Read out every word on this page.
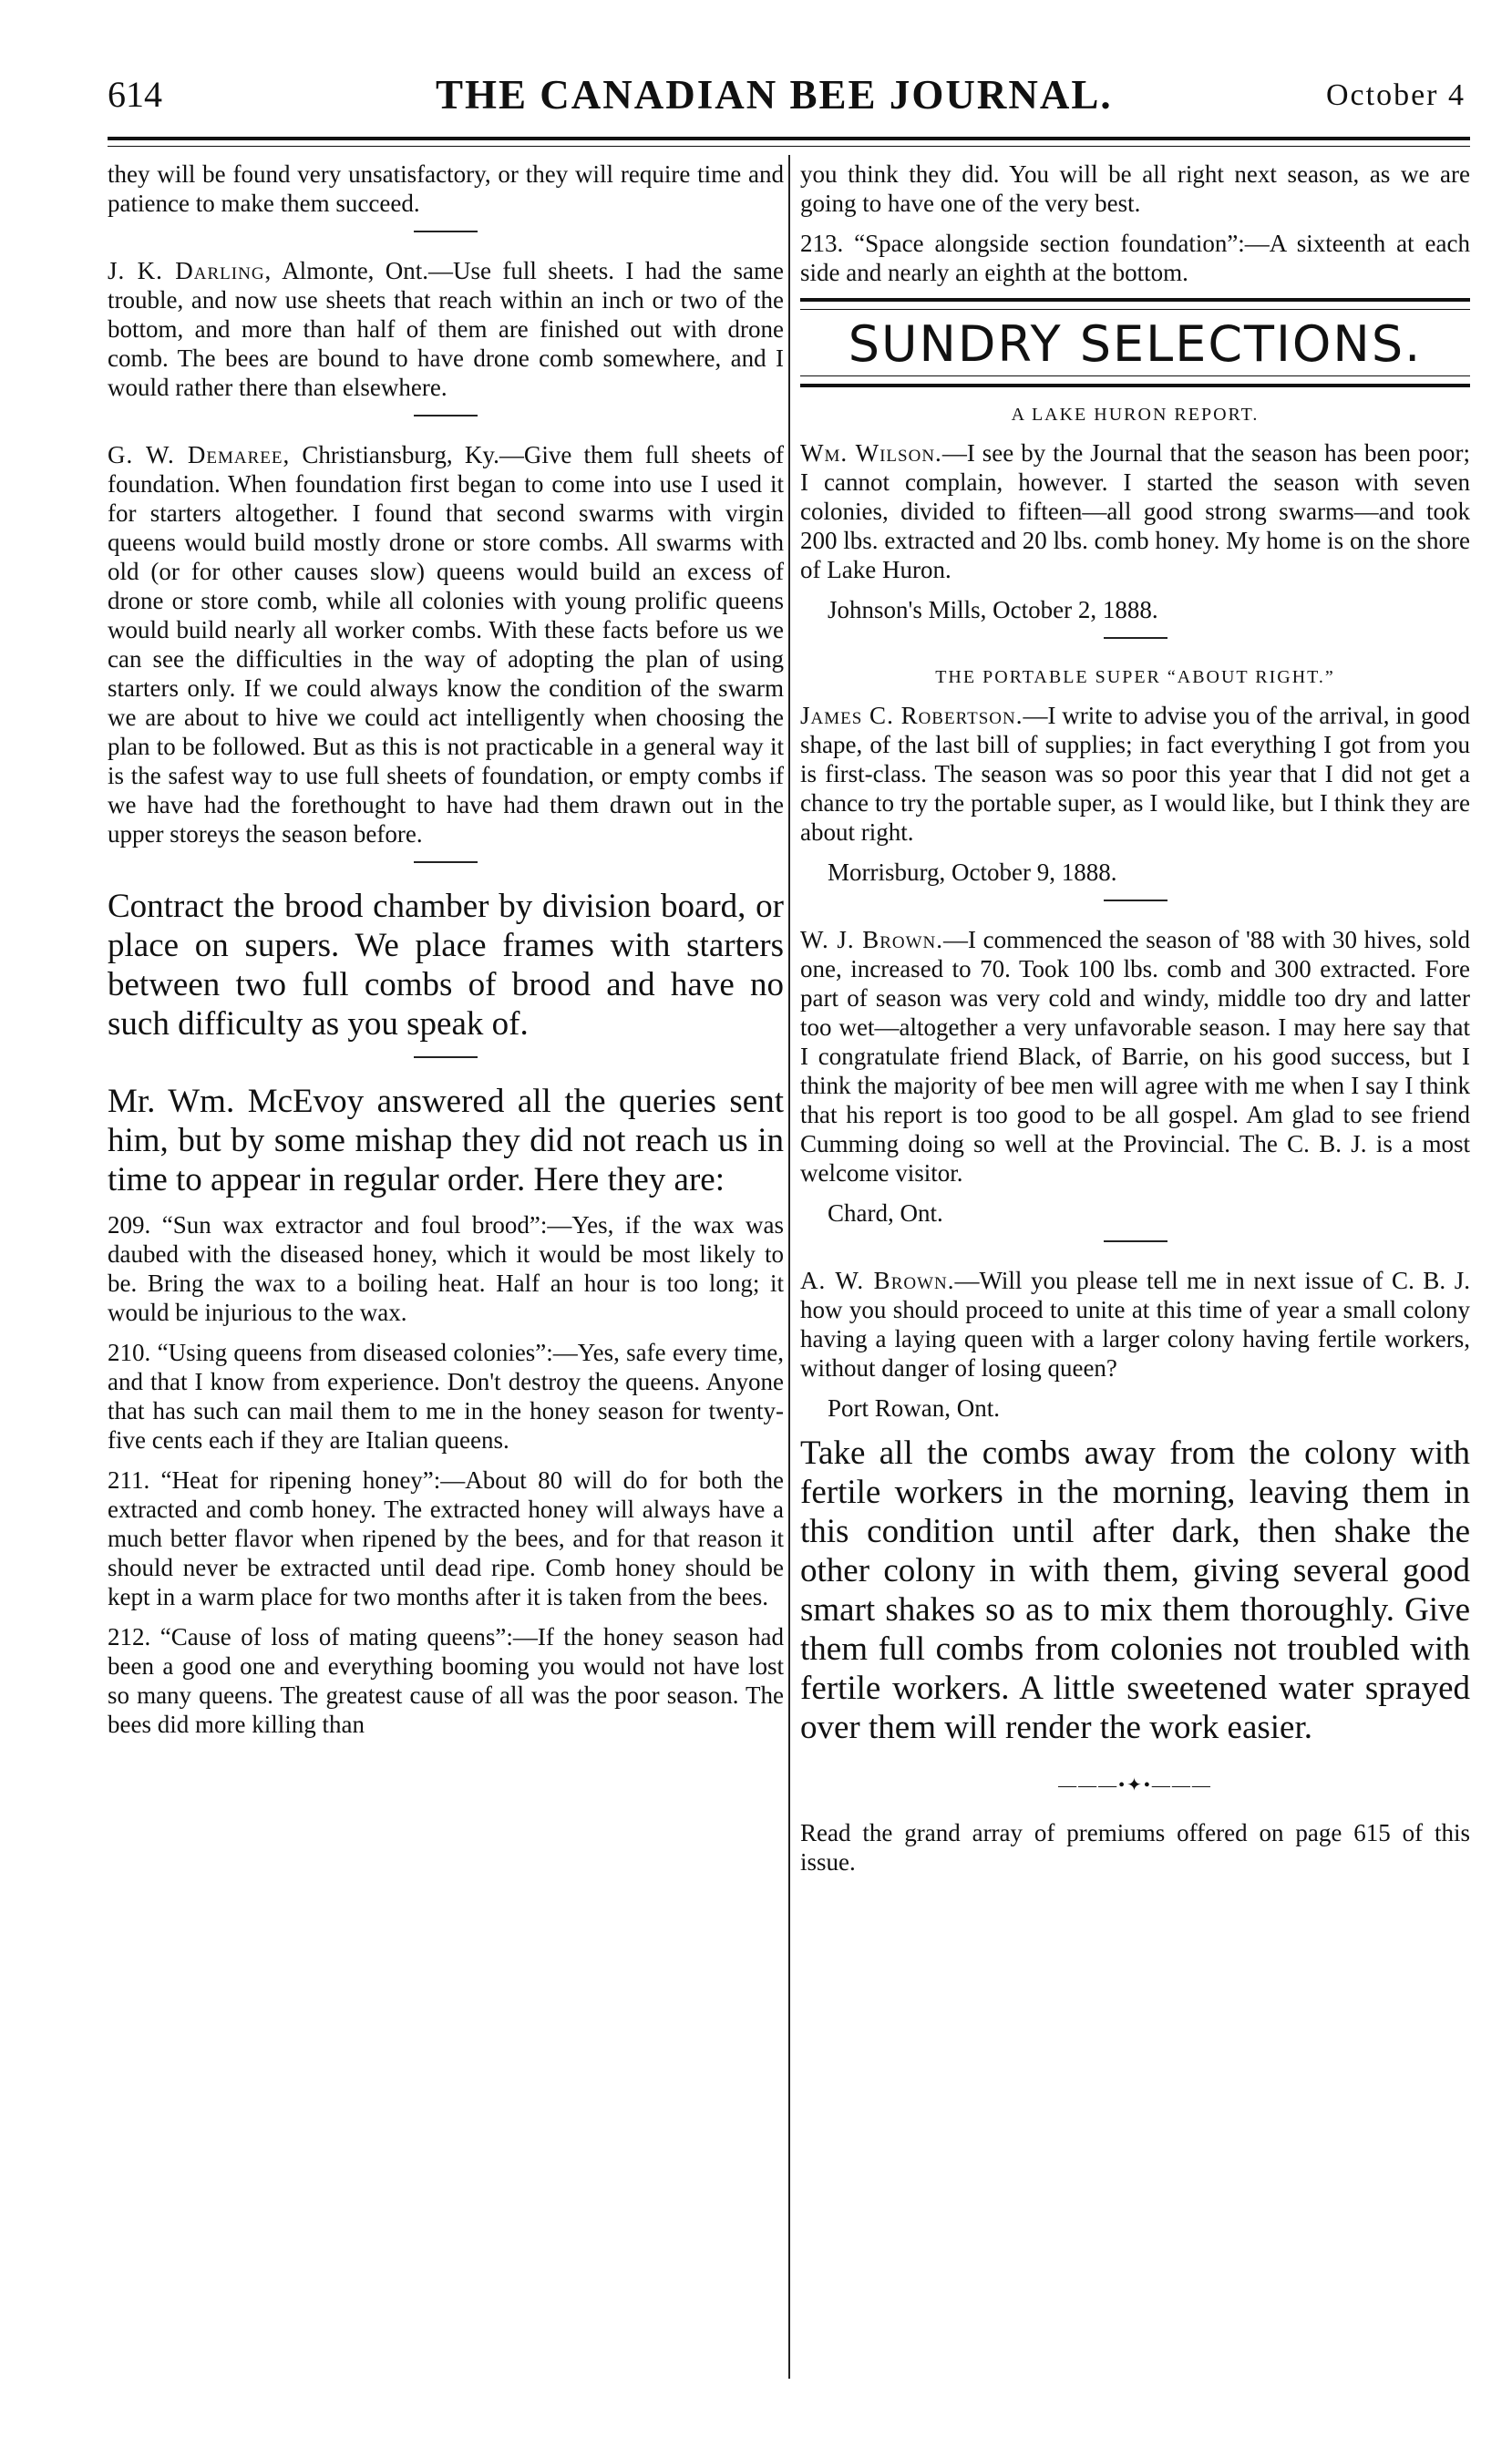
614	THE CANADIAN BEE JOURNAL.	October 4

they will be found very unsatisfactory, or they will require time and patience to make them succeed.

J. K. Darling, Almonte, Ont.—Use full sheets. I had the same trouble, and now use sheets that reach within an inch or two of the bottom, and more than half of them are finished out with drone comb. The bees are bound to have drone comb somewhere, and I would rather there than elsewhere.

G. W. Demaree, Christiansburg, Ky.—Give them full sheets of foundation. When foundation first began to come into use I used it for starters altogether. I found that second swarms with virgin queens would build mostly drone or store combs. All swarms with old (or for other causes slow) queens would build an excess of drone or store comb, while all colonies with young prolific queens would build nearly all worker combs. With these facts before us we can see the difficulties in the way of adopting the plan of using starters only. If we could always know the condition of the swarm we are about to hive we could act intelligently when choosing the plan to be followed. But as this is not practicable in a general way it is the safest way to use full sheets of foundation, or empty combs if we have had the forethought to have had them drawn out in the upper storeys the season before.

Contract the brood chamber by division board, or place on supers. We place frames with starters between two full combs of brood and have no such difficulty as you speak of.

Mr. Wm. McEvoy answered all the queries sent him, but by some mishap they did not reach us in time to appear in regular order. Here they are:

209. “Sun wax extractor and foul brood”:—Yes, if the wax was daubed with the diseased honey, which it would be most likely to be. Bring the wax to a boiling heat. Half an hour is too long; it would be injurious to the wax.

210. “Using queens from diseased colonies”:—Yes, safe every time, and that I know from experience. Don't destroy the queens. Anyone that has such can mail them to me in the honey season for twenty-five cents each if they are Italian queens.

211. “Heat for ripening honey”:—About 80 will do for both the extracted and comb honey. The extracted honey will always have a much better flavor when ripened by the bees, and for that reason it should never be extracted until dead ripe. Comb honey should be kept in a warm place for two months after it is taken from the bees.

212. “Cause of loss of mating queens”:—If the honey season had been a good one and everything booming you would not have lost so many queens. The greatest cause of all was the poor season. The bees did more killing than

you think they did. You will be all right next season, as we are going to have one of the very best.

213. “Space alongside section foundation”:—A sixteenth at each side and nearly an eighth at the bottom.

SUNDRY SELECTIONS.
A LAKE HURON REPORT.

Wm. Wilson.—I see by the Journal that the season has been poor; I cannot complain, however. I started the season with seven colonies, divided to fifteen—all good strong swarms—and took 200 lbs. extracted and 20 lbs. comb honey. My home is on the shore of Lake Huron.

Johnson's Mills, October 2, 1888.

THE PORTABLE SUPER “ABOUT RIGHT.”

James C. Robertson.—I write to advise you of the arrival, in good shape, of the last bill of supplies; in fact everything I got from you is first-class. The season was so poor this year that I did not get a chance to try the portable super, as I would like, but I think they are about right.

Morrisburg, October 9, 1888.

W. J. Brown.—I commenced the season of '88 with 30 hives, sold one, increased to 70. Took 100 lbs. comb and 300 extracted. Fore part of season was very cold and windy, middle too dry and latter too wet—altogether a very unfavorable season. I may here say that I congratulate friend Black, of Barrie, on his good success, but I think the majority of bee men will agree with me when I say I think that his report is too good to be all gospel. Am glad to see friend Cumming doing so well at the Provincial. The C. B. J. is a most welcome visitor.

Chard, Ont.

A. W. Brown.—Will you please tell me in next issue of C. B. J. how you should proceed to unite at this time of year a small colony having a laying queen with a larger colony having fertile workers, without danger of losing queen?

Port Rowan, Ont.

Take all the combs away from the colony with fertile workers in the morning, leaving them in this condition until after dark, then shake the other colony in with them, giving several good smart shakes so as to mix them thoroughly. Give them full combs from colonies not troubled with fertile workers. A little sweetened water sprayed over them will render the work easier.

———•✦•———

Read the grand array of premiums offered on page 615 of this issue.
